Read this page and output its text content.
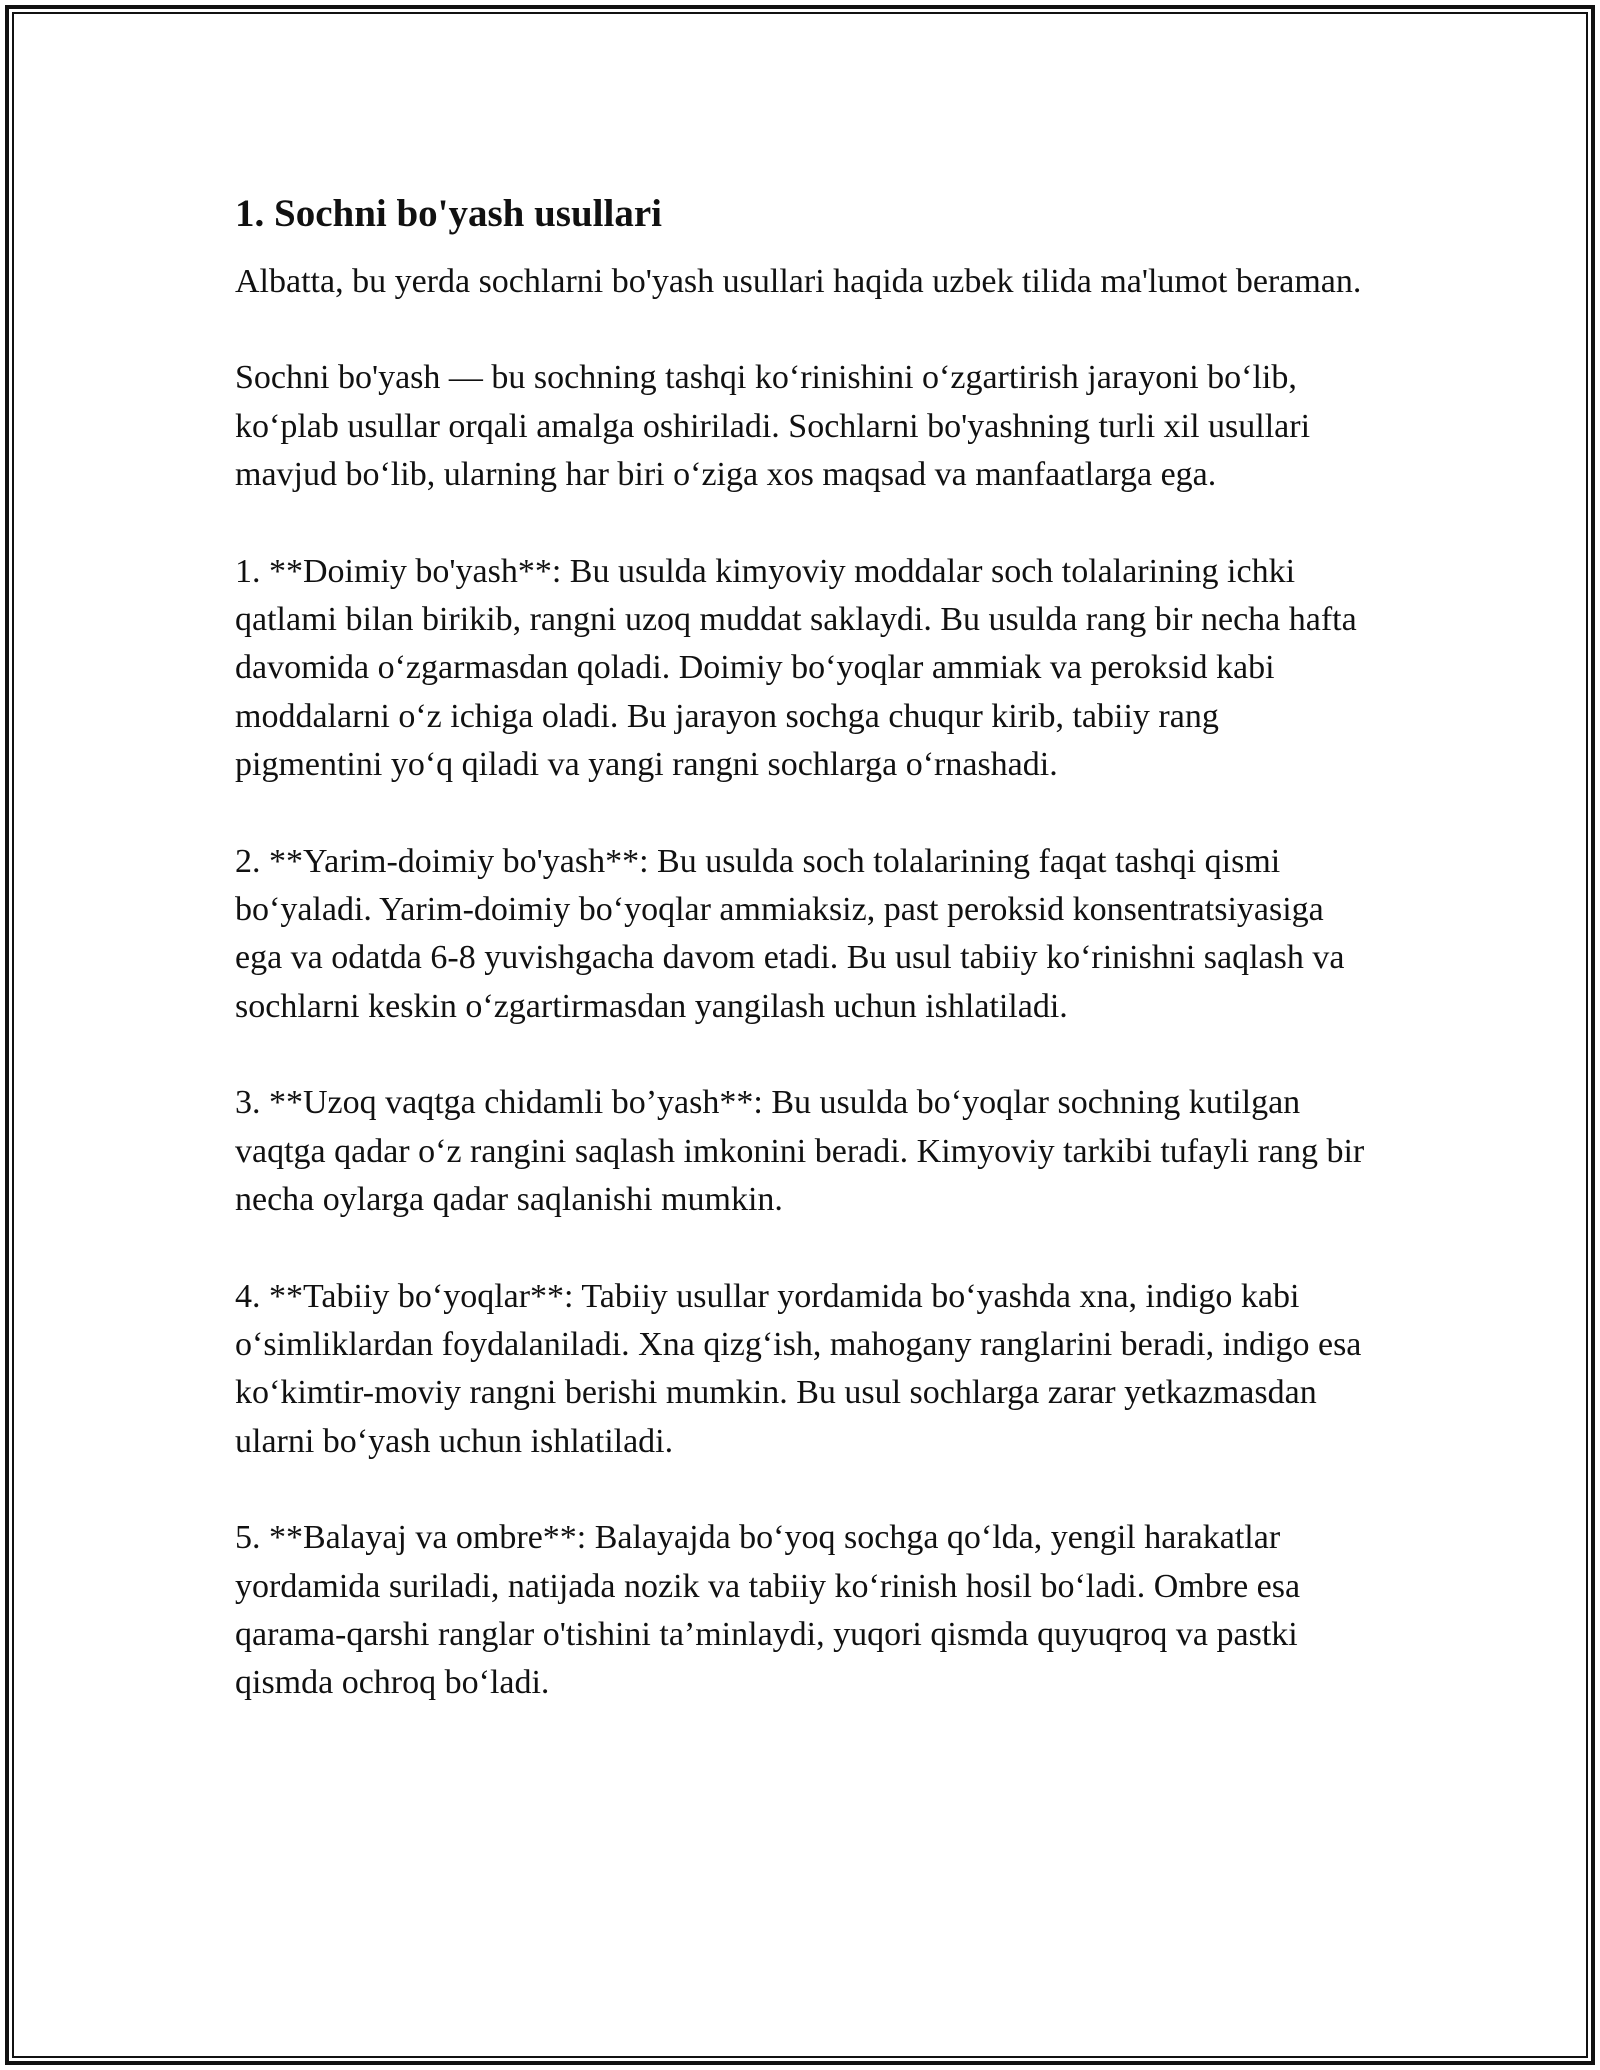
1. Sochni bo'yash usullari

Albatta, bu yerda sochlarni bo'yash usullari haqida uzbek tilida ma'lumot beraman.

Sochni bo'yash — bu sochning tashqi koʻrinishini oʻzgartirish jarayoni boʻlib, koʻplab usullar orqali amalga oshiriladi. Sochlarni bo'yashning turli xil usullari mavjud boʻlib, ularning har biri oʻziga xos maqsad va manfaatlarga ega.

1. **Doimiy bo'yash**: Bu usulda kimyoviy moddalar soch tolalarining ichki qatlami bilan birikib, rangni uzoq muddat saklaydi. Bu usulda rang bir necha hafta davomida oʻzgarmasdan qoladi. Doimiy boʻyoqlar ammiak va peroksid kabi moddalarni oʻz ichiga oladi. Bu jarayon sochga chuqur kirib, tabiiy rang pigmentini yoʻq qiladi va yangi rangni sochlarga oʻrnashadi.

2. **Yarim-doimiy bo'yash**: Bu usulda soch tolalarining faqat tashqi qismi boʻyaladi. Yarim-doimiy boʻyoqlar ammiaksiz, past peroksid konsentratsiyasiga ega va odatda 6-8 yuvishgacha davom etadi. Bu usul tabiiy koʻrinishni saqlash va sochlarni keskin oʻzgartirmasdan yangilash uchun ishlatiladi.

3. **Uzoq vaqtga chidamli bo’yash**: Bu usulda boʻyoqlar sochning kutilgan vaqtga qadar oʻz rangini saqlash imkonini beradi. Kimyoviy tarkibi tufayli rang bir necha oylarga qadar saqlanishi mumkin.

4. **Tabiiy boʻyoqlar**: Tabiiy usullar yordamida boʻyashda xna, indigo kabi oʻsimliklardan foydalaniladi. Xna qizgʻish, mahogany ranglarini beradi, indigo esa koʻkimtir-moviy rangni berishi mumkin. Bu usul sochlarga zarar yetkazmasdan ularni boʻyash uchun ishlatiladi.

5. **Balayaj va ombre**: Balayajda boʻyoq sochga qoʻlda, yengil harakatlar yordamida suriladi, natijada nozik va tabiiy koʻrinish hosil boʻladi. Ombre esa qarama-qarshi ranglar o'tishini ta’minlaydi, yuqori qismda quyuqroq va pastki qismda ochroq boʻladi.
